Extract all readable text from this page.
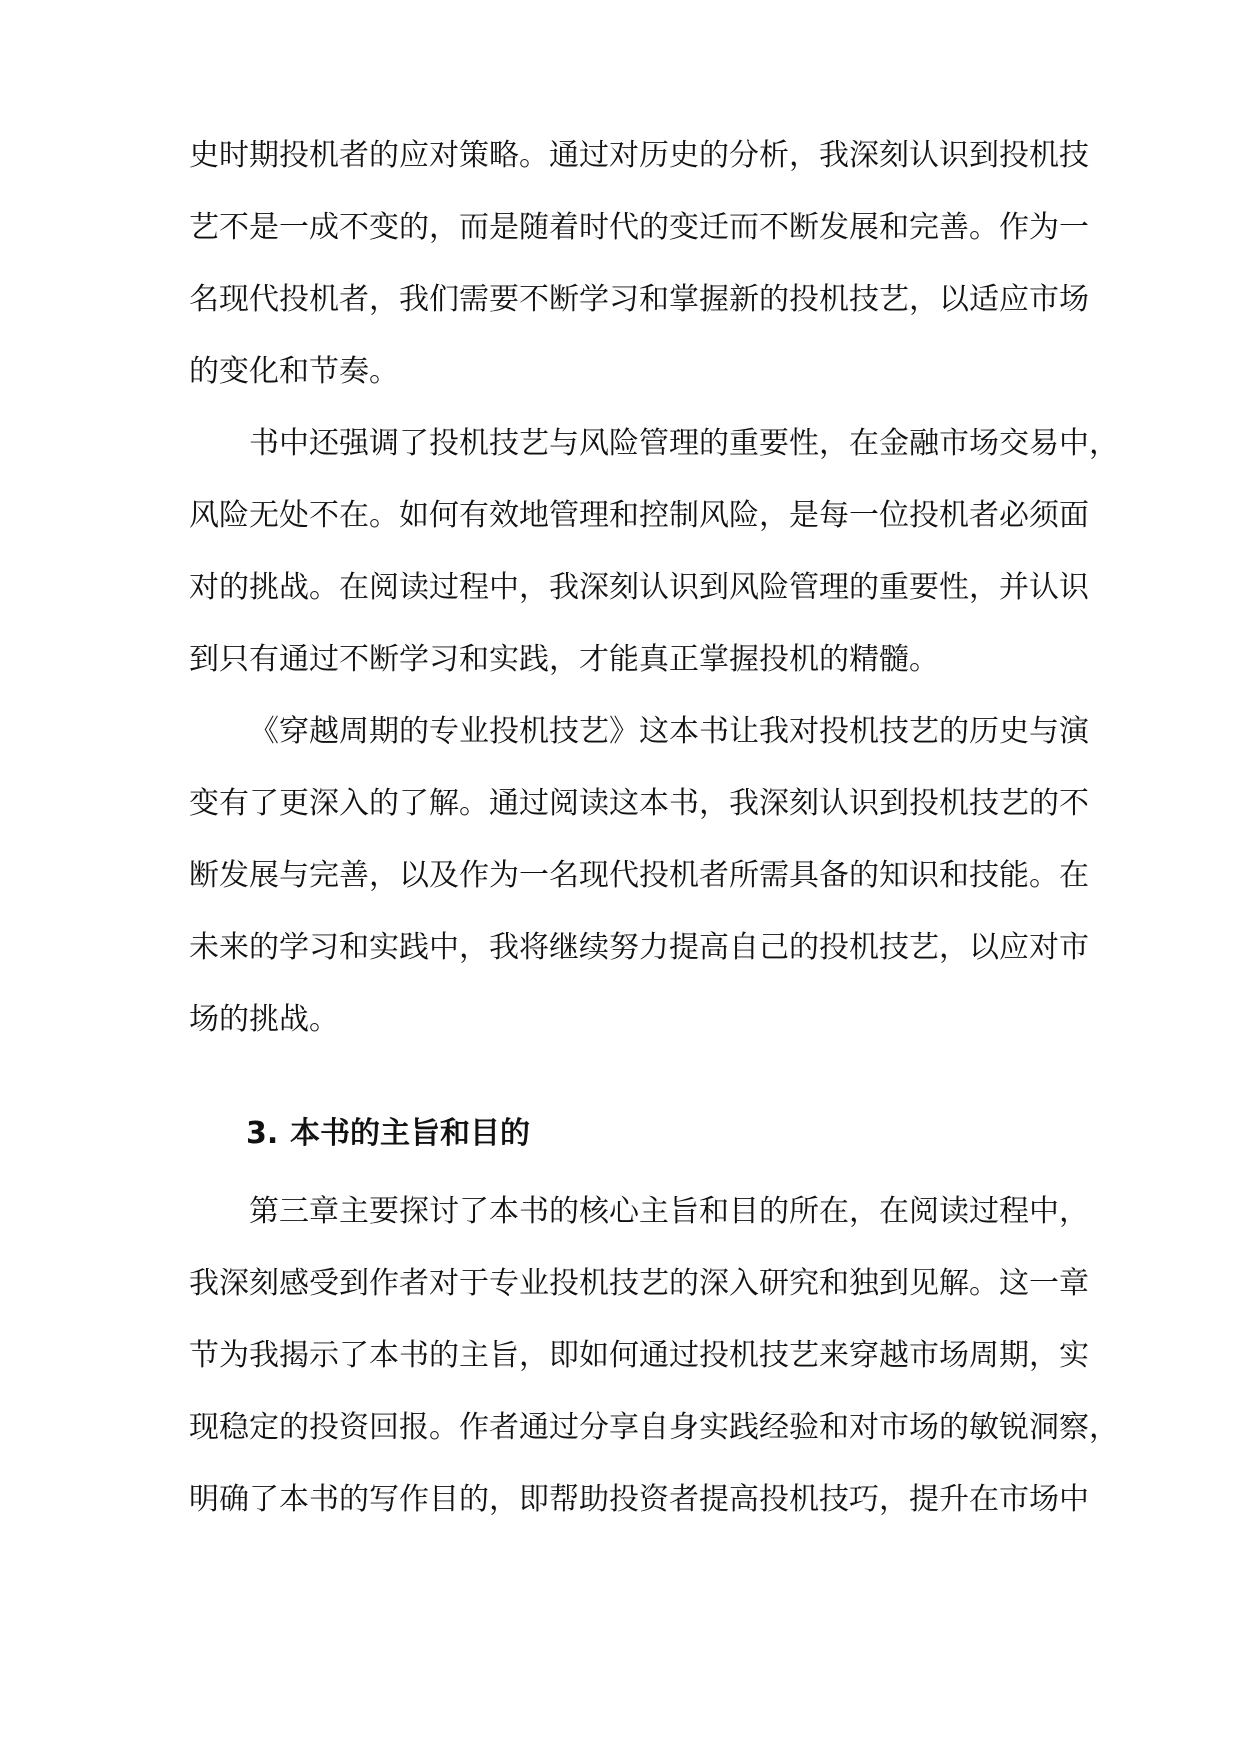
史时期投机者的应对策略。通过对历史的分析，我深刻认识到投机技
艺不是一成不变的，而是随着时代的变迁而不断发展和完善。作为一
名现代投机者，我们需要不断学习和掌握新的投机技艺，以适应市场
的变化和节奏。
书中还强调了投机技艺与风险管理的重要性，在金融市场交易中，
风险无处不在。如何有效地管理和控制风险，是每一位投机者必须面
对的挑战。在阅读过程中，我深刻认识到风险管理的重要性，并认识
到只有通过不断学习和实践，才能真正掌握投机的精髓。
《穿越周期的专业投机技艺》这本书让我对投机技艺的历史与演
变有了更深入的了解。通过阅读这本书，我深刻认识到投机技艺的不
断发展与完善，以及作为一名现代投机者所需具备的知识和技能。在
未来的学习和实践中，我将继续努力提高自己的投机技艺，以应对市
场的挑战。
3. 本书的主旨和目的
第三章主要探讨了本书的核心主旨和目的所在，在阅读过程中，
我深刻感受到作者对于专业投机技艺的深入研究和独到见解。这一章
节为我揭示了本书的主旨，即如何通过投机技艺来穿越市场周期，实
现稳定的投资回报。作者通过分享自身实践经验和对市场的敏锐洞察，
明确了本书的写作目的，即帮助投资者提高投机技巧，提升在市场中
